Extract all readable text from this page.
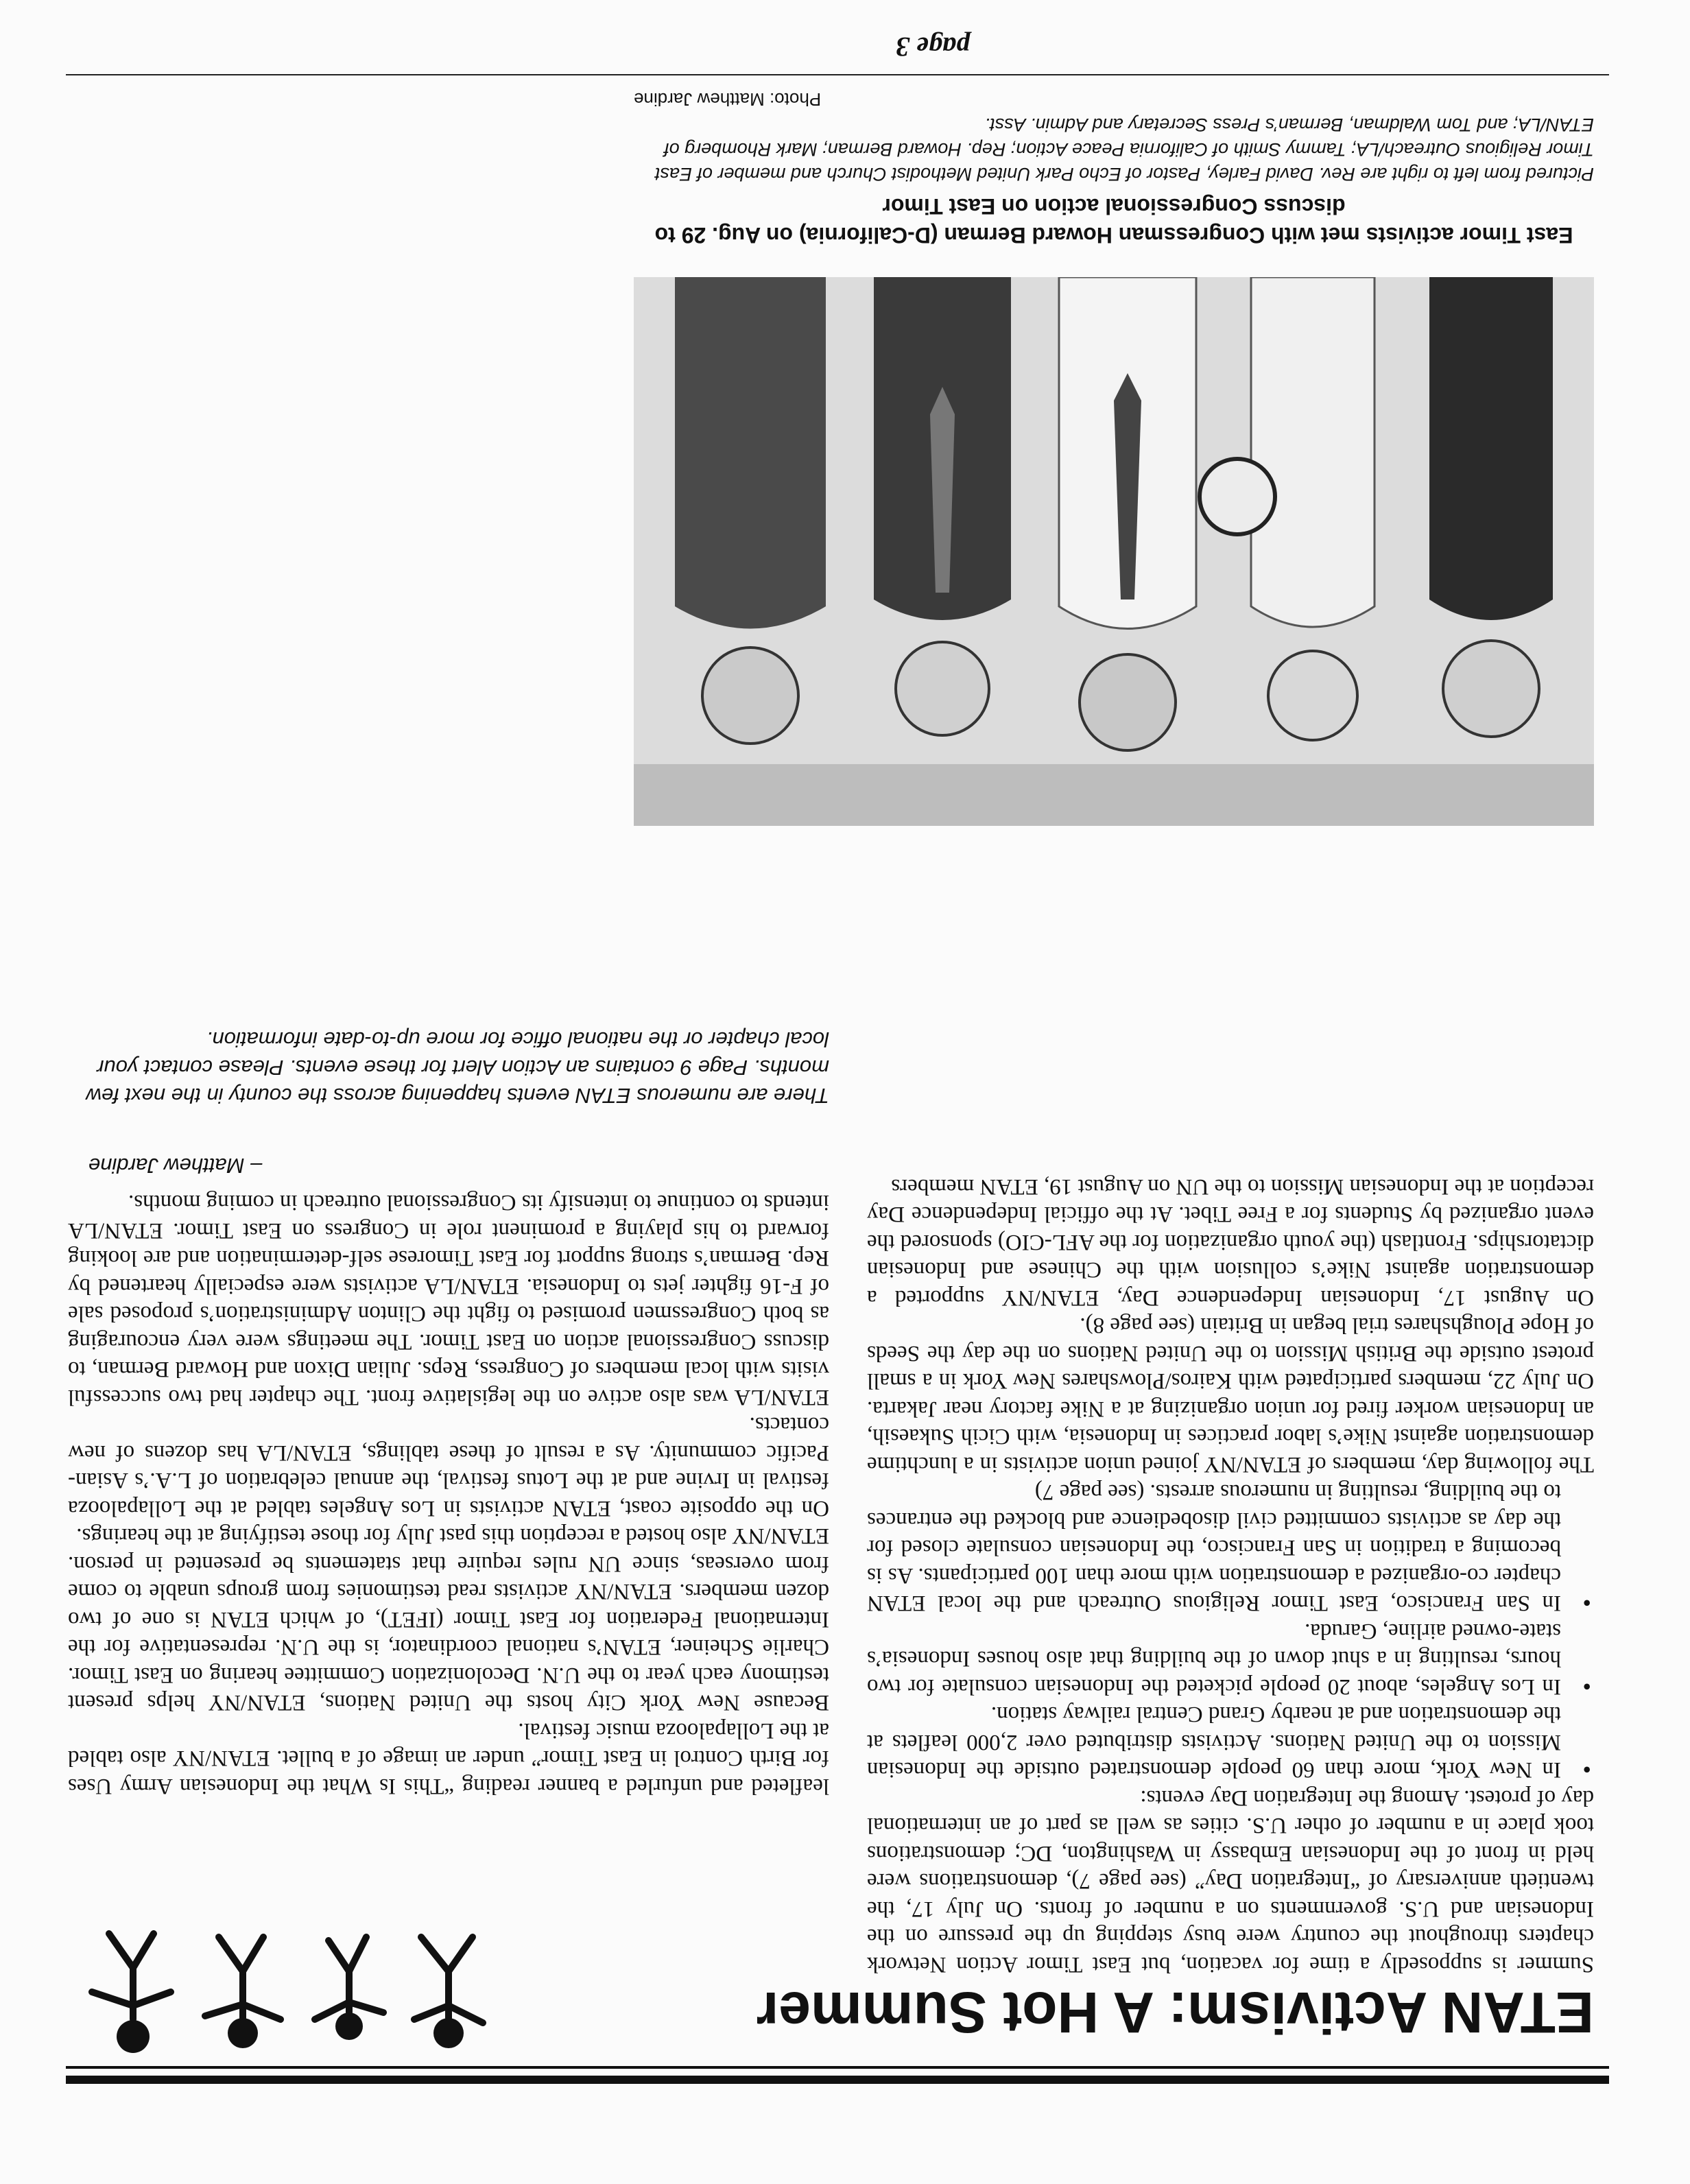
ETAN Activism: A Hot Summer

Summer is supposedly a time for vacation, but East Timor Action Network chapters throughout the country were busy stepping up the pressure on the Indonesian and U.S. governments on a number of fronts. On July 17, the twentieth anniversary of “Integration Day” (see page 7), demonstrations were held in front of the Indonesian Embassy in Washington, DC; demonstrations took place in a number of other U.S. cities as well as part of an international day of protest. Among the Integration Day events:

• In New York, more than 60 people demonstrated outside the Indonesian Mission to the United Nations. Activists distributed over 2,000 leaflets at the demonstration and at nearby Grand Central railway station.
• In Los Angeles, about 20 people picketed the Indonesian consulate for two hours, resulting in a shut down of the building that also houses Indonesia’s state-owned airline, Garuda.
• In San Francisco, East Timor Religious Outreach and the local ETAN chapter co-organized a demonstration with more than 100 participants. As is becoming a tradition in San Francisco, the Indonesian consulate closed for the day as activists committed civil disobedience and blocked the entrances to the building, resulting in numerous arrests. (see page 7)

The following day, members of ETAN/NY joined union activists in a lunchtime demonstration against Nike’s labor practices in Indonesia, with Cicih Sukaesih, an Indonesian worker fired for union organizing at a Nike factory near Jakarta. On July 22, members participated with Kairos/Plowshares New York in a small protest outside the British Mission to the United Nations on the day the Seeds of Hope Ploughshares trial began in Britain (see page 8).

On August 17, Indonesian Independence Day, ETAN/NY supported a demonstration against Nike’s collusion with the Chinese and Indonesian dictatorships. Frontlash (the youth organization for the AFL-CIO) sponsored the event organized by Students for a Free Tibet. At the official Independence Day reception at the Indonesian Mission to the UN on August 19, ETAN members

leafleted and unfurled a banner reading “This Is What the Indonesian Army Uses for Birth Control in East Timor” under an image of a bullet. ETAN/NY also tabled at the Lollapalooza music festival.

Because New York City hosts the United Nations, ETAN/NY helps present testimony each year to the U.N. Decolonization Committee hearing on East Timor. Charlie Scheiner, ETAN’s national coordinator, is the U.N. representative for the International Federation for East Timor (IFET), of which ETAN is one of two dozen members. ETAN/NY activists read testimonies from groups unable to come from overseas, since UN rules require that statements be presented in person. ETAN/NY also hosted a reception this past July for those testifying at the hearings.

On the opposite coast, ETAN activists in Los Angeles tabled at the Lollapalooza festival in Irvine and at the Lotus festival, the annual celebration of L.A.’s Asian-Pacific community. As a result of these tablings, ETAN/LA has dozens of new contacts.

ETAN/LA was also active on the legislative front. The chapter had two successful visits with local members of Congress, Reps. Julian Dixon and Howard Berman, to discuss Congressional action on East Timor. The meetings were very encouraging as both Congressmen promised to fight the Clinton Administration’s proposed sale of F-16 fighter jets to Indonesia. ETAN/LA activists were especially heartened by Rep. Berman’s strong support for East Timorese self-determination and are looking forward to his playing a prominent role in Congress on East Timor. ETAN/LA intends to continue to intensify its Congressional outreach in coming months.

– Matthew Jardine
There are numerous ETAN events happening across the county in the next few months. Page 9 contains an Action Alert for these events. Please contact your local chapter or the national office for more up-to-date information.
East Timor activists met with Congressman Howard Berman (D-California) on Aug. 29 to discuss Congressional action on East Timor
Pictured from left to right are Rev. David Farley, Pastor of Echo Park United Methodist Church and member of East Timor Religious Outreach/LA; Tammy Smith of California Peace Action; Rep. Howard Berman; Mark Rhomberg of ETAN/LA; and Tom Waldman, Berman’s Press Secretary and Admin. Asst.
Photo: Matthew Jardine
page 3
